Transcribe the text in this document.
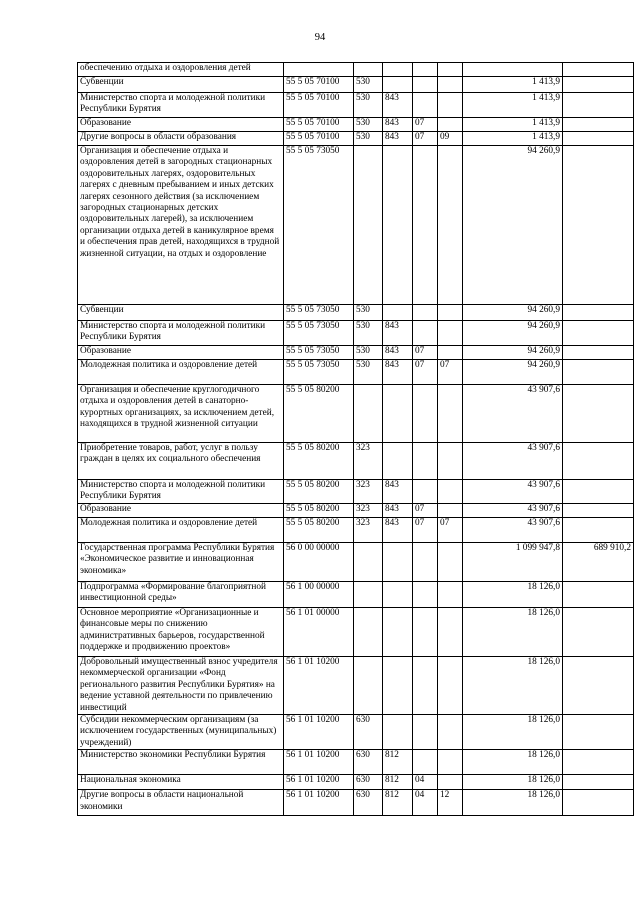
94
обеспечению отдыха и оздоровления детей							
Субвенции	55 5 05 70100	530				1 413,9	
Министерство спорта и молодежной политики Республики Бурятия	55 5 05 70100	530	843			1 413,9	
Образование	55 5 05 70100	530	843	07		1 413,9	
Другие вопросы в области образования	55 5 05 70100	530	843	07	09	1 413,9	
Организация и обеспечение отдыха и оздоровления детей в загородных стационарных оздоровительных лагерях, оздоровительных лагерях с дневным пребыванием и иных детских лагерях сезонного действия (за исключением загородных стационарных детских оздоровительных лагерей), за исключением организации отдыха детей в каникулярное время и обеспечения прав детей, находящихся в трудной жизненной ситуации, на отдых и оздоровление	55 5 05 73050					94 260,9	
Субвенции	55 5 05 73050	530				94 260,9	
Министерство спорта и молодежной политики Республики Бурятия	55 5 05 73050	530	843			94 260,9	
Образование	55 5 05 73050	530	843	07		94 260,9	
Молодежная политика и оздоровление детей	55 5 05 73050	530	843	07	07	94 260,9	
Организация и обеспечение круглогодичного отдыха и оздоровления детей в санаторно-курортных организациях, за исключением детей, находящихся в трудной жизненной ситуации	55 5 05 80200					43 907,6	
Приобретение товаров, работ, услуг в пользу граждан в целях их социального обеспечения	55 5 05 80200	323				43 907,6	
Министерство спорта и молодежной политики Республики Бурятия	55 5 05 80200	323	843			43 907,6	
Образование	55 5 05 80200	323	843	07		43 907,6	
Молодежная политика и оздоровление детей	55 5 05 80200	323	843	07	07	43 907,6	
Государственная программа Республики Бурятия «Экономическое развитие и инновационная экономика»	56 0 00 00000					1 099 947,8	689 910,2
Подпрограмма «Формирование благоприятной инвестиционной среды»	56 1 00 00000					18 126,0	
Основное мероприятие «Организационные и финансовые меры по снижению административных барьеров, государственной поддержке и продвижению проектов»	56 1 01 00000					18 126,0	
Добровольный имущественный взнос учредителя некоммерческой организации «Фонд регионального развития Республики Бурятия» на ведение уставной деятельности по привлечению инвестиций	56 1 01 10200					18 126,0	
Субсидии некоммерческим организациям (за исключением государственных (муниципальных) учреждений)	56 1 01 10200	630				18 126,0	
Министерство экономики Республики Бурятия	56 1 01 10200	630	812			18 126,0	
Национальная экономика	56 1 01 10200	630	812	04		18 126,0	
Другие вопросы в области национальной экономики	56 1 01 10200	630	812	04	12	18 126,0	
